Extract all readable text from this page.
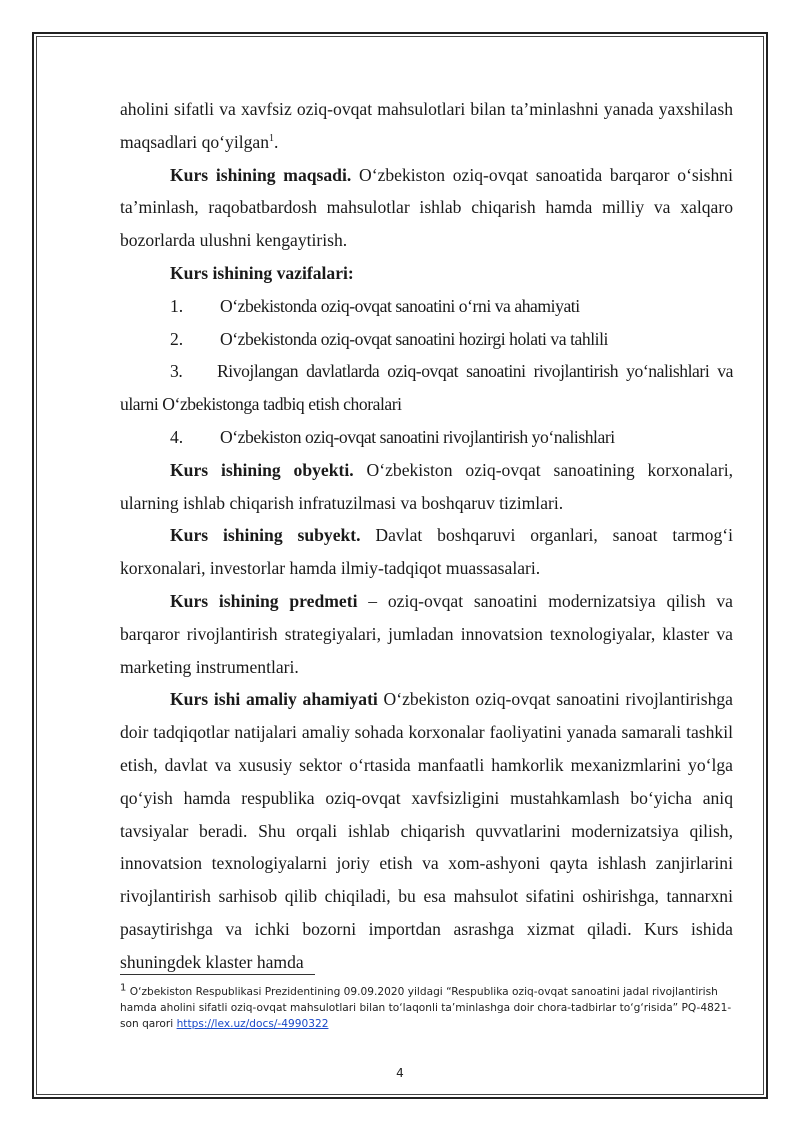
aholini sifatli va xavfsiz oziq-ovqat mahsulotlari bilan ta’minlashni yanada yaxshilash maqsadlari qo‘yilgan$^1$.

Kurs ishining maqsadi. O‘zbekiston oziq-ovqat sanoatida barqaror o‘sishni ta’minlash, raqobatbardosh mahsulotlar ishlab chiqarish hamda milliy va xalqaro bozorlarda ulushni kengaytirish.

Kurs ishining vazifalari:

1.	O‘zbekistonda oziq-ovqat sanoatini o‘rni va ahamiyati
2.	O‘zbekistonda oziq-ovqat sanoatini hozirgi holati va tahlili

3. Rivojlangan davlatlarda oziq-ovqat sanoatini rivojlantirish yo‘nalishlari va ularni O‘zbekistonga tadbiq etish choralari

4.	O‘zbekiston oziq-ovqat sanoatini rivojlantirish yo‘nalishlari

Kurs ishining obyekti. O‘zbekiston oziq-ovqat sanoatining korxonalari, ularning ishlab chiqarish infratuzilmasi va boshqaruv tizimlari.

Kurs ishining subyekt. Davlat boshqaruvi organlari, sanoat tarmog‘i korxonalari, investorlar hamda ilmiy-tadqiqot muassasalari.

Kurs ishining predmeti – oziq-ovqat sanoatini modernizatsiya qilish va barqaror rivojlantirish strategiyalari, jumladan innovatsion texnologiyalar, klaster va marketing instrumentlari.

Kurs ishi amaliy ahamiyati O‘zbekiston oziq-ovqat sanoatini rivojlantirishga doir tadqiqotlar natijalari amaliy sohada korxonalar faoliyatini yanada samarali tashkil etish, davlat va xususiy sektor o‘rtasida manfaatli hamkorlik mexanizmlarini yo‘lga qo‘yish hamda respublika oziq-ovqat xavfsizligini mustahkamlash bo‘yicha aniq tavsiyalar beradi. Shu orqali ishlab chiqarish quvvatlarini modernizatsiya qilish, innovatsion texnologiyalarni joriy etish va xom-ashyoni qayta ishlash zanjirlarini rivojlantirish sarhisob qilib chiqiladi, bu esa mahsulot sifatini oshirishga, tannarxni pasaytirishga va ichki bozorni importdan asrashga xizmat qiladi. Kurs ishida shuningdek klaster hamda

1 O‘zbekiston Respublikasi Prezidentining 09.09.2020 yildagi “Respublika oziq-ovqat sanoatini jadal rivojlantirish hamda aholini sifatli oziq-ovqat mahsulotlari bilan to‘laqonli ta’minlashga doir chora-tadbirlar to‘g‘risida” PQ-4821-son qarori https://lex.uz/docs/-4990322
4
